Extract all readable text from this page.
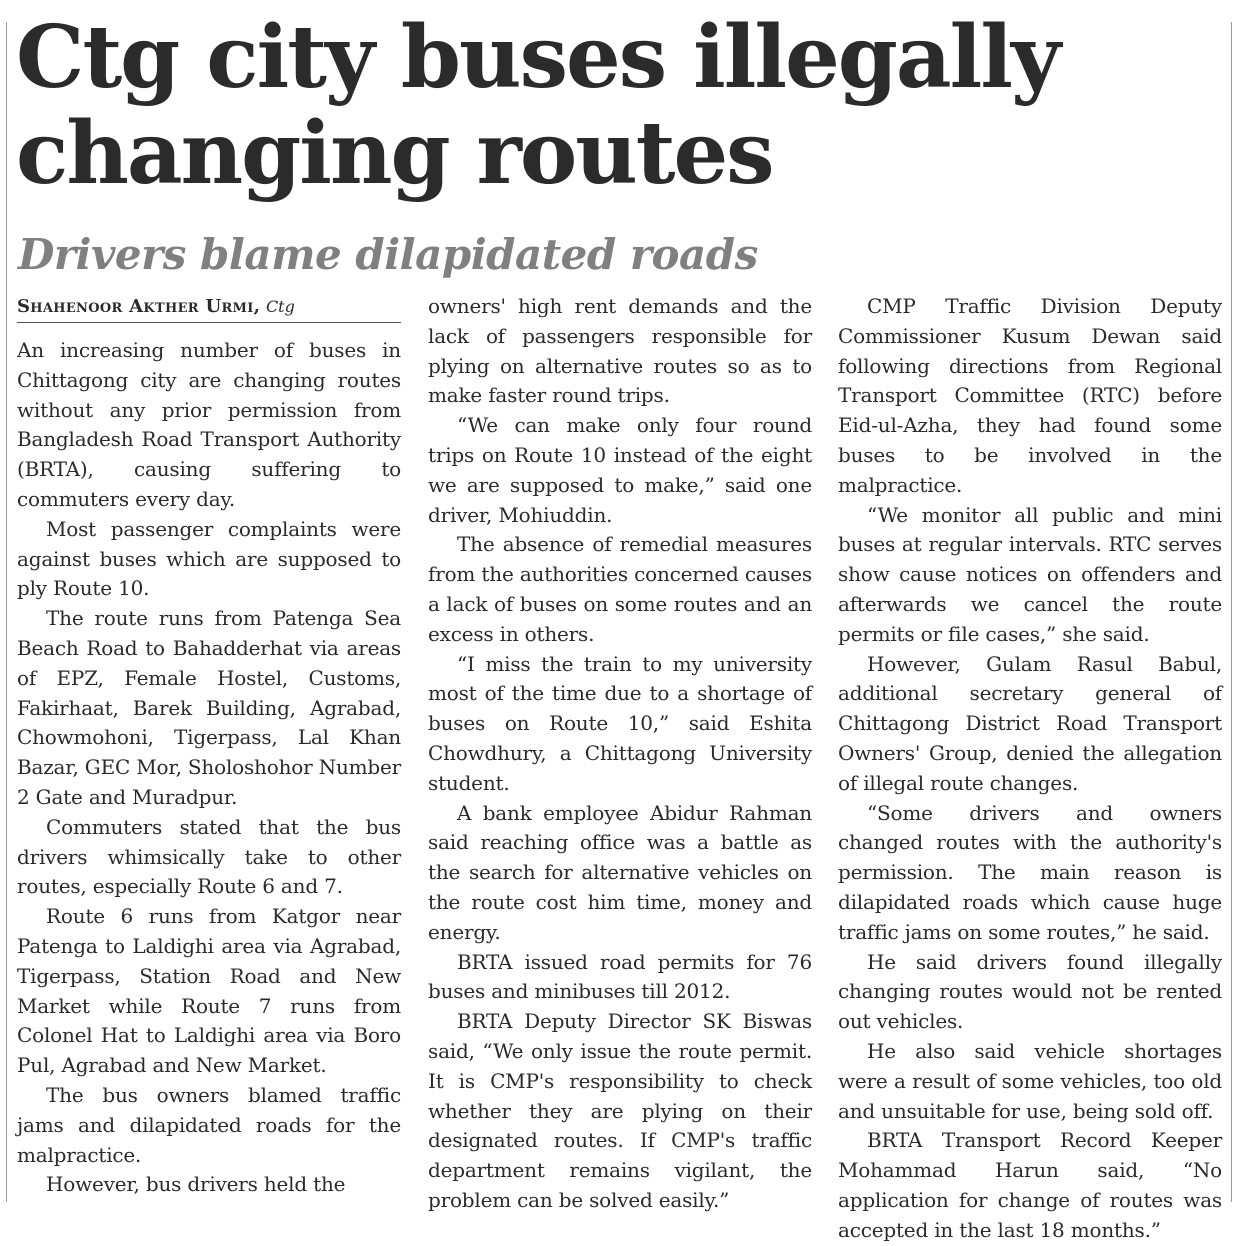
Ctg city buses illegally changing routes
Drivers blame dilapidated roads
Shahenoor Akther Urmi, Ctg

An increasing number of buses in Chittagong city are changing routes without any prior permission from Bangladesh Road Transport Authority (BRTA), causing suffering to commuters every day.

Most passenger complaints were against buses which are supposed to ply Route 10.

The route runs from Patenga Sea Beach Road to Bahadderhat via areas of EPZ, Female Hostel, Customs, Fakirhaat, Barek Building, Agrabad, Chowmohoni, Tigerpass, Lal Khan Bazar, GEC Mor, Sholoshohor Number 2 Gate and Muradpur.

Commuters stated that the bus drivers whimsically take to other routes, especially Route 6 and 7.

Route 6 runs from Katgor near Patenga to Laldighi area via Agrabad, Tigerpass, Station Road and New Market while Route 7 runs from Colonel Hat to Laldighi area via Boro Pul, Agrabad and New Market.

The bus owners blamed traffic jams and dilapidated roads for the malpractice.

However, bus drivers held the

owners' high rent demands and the lack of passengers responsible for plying on alternative routes so as to make faster round trips.

“We can make only four round trips on Route 10 instead of the eight we are supposed to make,” said one driver, Mohiuddin.

The absence of remedial measures from the authorities concerned causes a lack of buses on some routes and an excess in others.

“I miss the train to my university most of the time due to a shortage of buses on Route 10,” said Eshita Chowdhury, a Chittagong University student.

A bank employee Abidur Rahman said reaching office was a battle as the search for alternative vehicles on the route cost him time, money and energy.

BRTA issued road permits for 76 buses and minibuses till 2012.

BRTA Deputy Director SK Biswas said, “We only issue the route permit. It is CMP's responsibility to check whether they are plying on their designated routes. If CMP's traffic department remains vigilant, the problem can be solved easily.”

CMP Traffic Division Deputy Commissioner Kusum Dewan said following directions from Regional Transport Committee (RTC) before Eid-ul-Azha, they had found some buses to be involved in the malpractice.

“We monitor all public and mini buses at regular intervals. RTC serves show cause notices on offenders and afterwards we cancel the route permits or file cases,” she said.

However, Gulam Rasul Babul, additional secretary general of Chittagong District Road Transport Owners' Group, denied the allegation of illegal route changes.

“Some drivers and owners changed routes with the authority's permission. The main reason is dilapidated roads which cause huge traffic jams on some routes,” he said.

He said drivers found illegally changing routes would not be rented out vehicles.

He also said vehicle shortages were a result of some vehicles, too old and unsuitable for use, being sold off.

BRTA Transport Record Keeper Mohammad Harun said, “No application for change of routes was accepted in the last 18 months.”
